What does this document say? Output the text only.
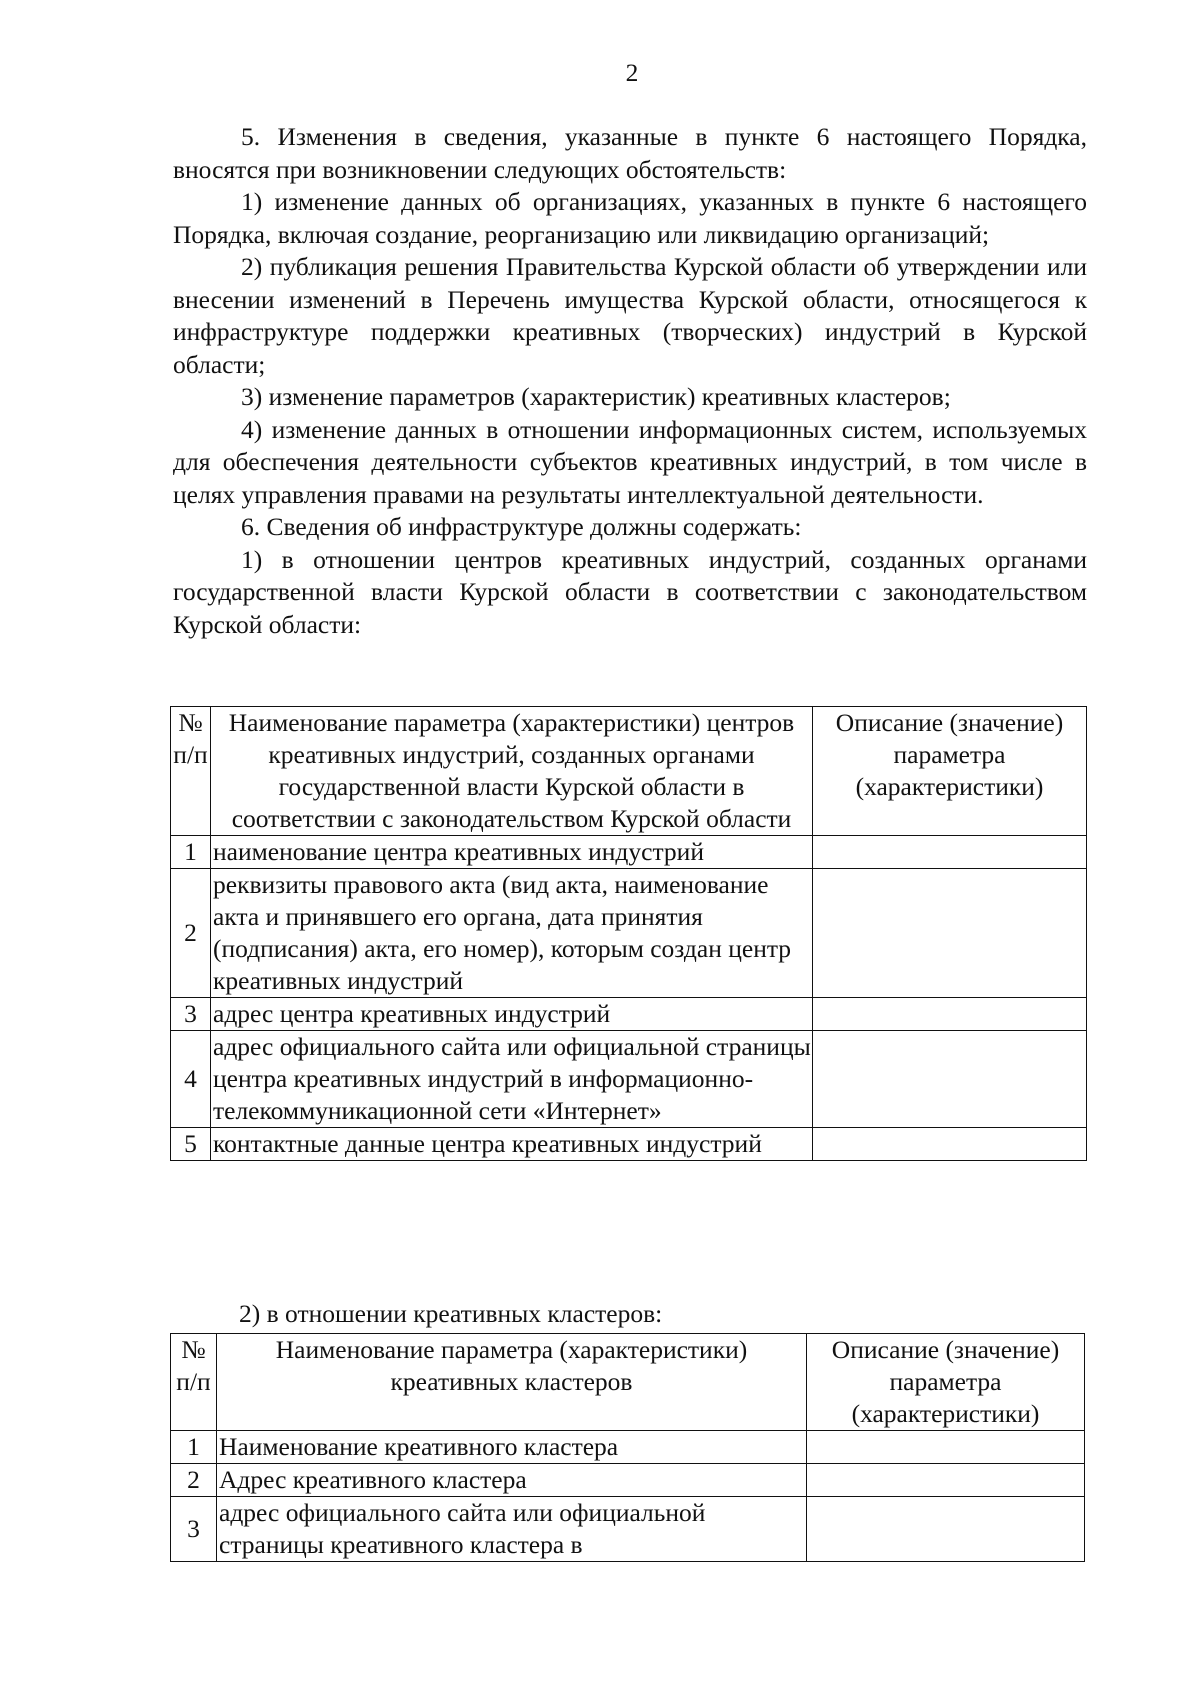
2

5. Изменения в сведения, указанные в пункте 6 настоящего Порядка, вносятся при возникновении следующих обстоятельств:

1) изменение данных об организациях, указанных в пункте 6 настоящего Порядка, включая создание, реорганизацию или ликвидацию организаций;

2) публикация решения Правительства Курской области об утверждении или внесении изменений в Перечень имущества Курской области, относящегося к инфраструктуре поддержки креативных (творческих) индустрий в Курской области;

3) изменение параметров (характеристик) креативных кластеров;

4) изменение данных в отношении информационных систем, используемых для обеспечения деятельности субъектов креативных индустрий, в том числе в целях управления правами на результаты интеллектуальной деятельности.

6. Сведения об инфраструктуре должны содержать:

1) в отношении центров креативных индустрий, созданных органами государственной власти Курской области в соответствии с законодательством Курской области:

№ п/п	Наименование параметра (характеристики) центров креативных индустрий, созданных органами государственной власти Курской области в соответствии с законодательством Курской области	Описание (значение) параметра (характеристики)
1	наименование центра креативных индустрий	
2	реквизиты правового акта (вид акта, наименование акта и принявшего его органа, дата принятия (подписания) акта, его номер), которым создан центр креативных индустрий	
3	адрес центра креативных индустрий	
4	адрес официального сайта или официальной страницы центра креативных индустрий в информационно-телекоммуникационной сети «Интернет»	
5	контактные данные центра креативных индустрий	
2) в отношении креативных кластеров:
№ п/п	Наименование параметра (характеристики) креативных кластеров	Описание (значение) параметра (характеристики)
1	Наименование креативного кластера	
2	Адрес креативного кластера	
3	адрес официального сайта или официальной страницы креативного кластера в	
